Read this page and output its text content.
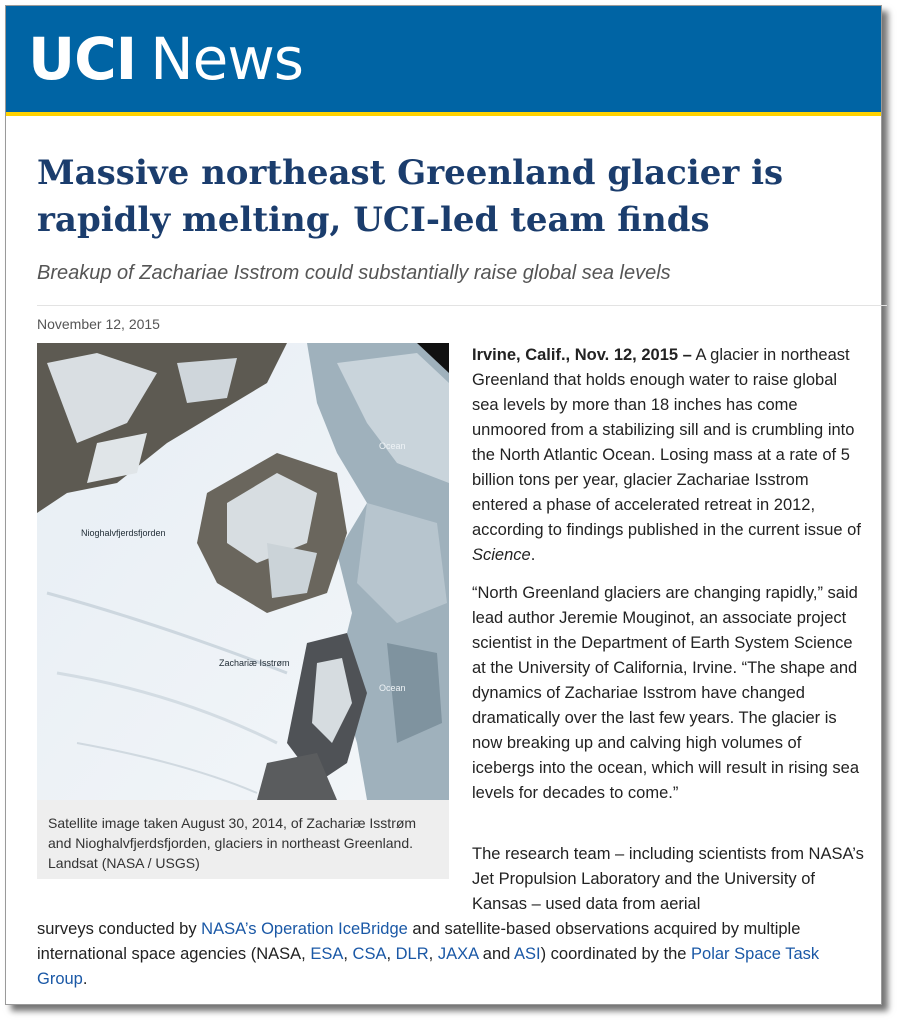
UCI News
Massive northeast Greenland glacier is rapidly melting, UCI-led team finds
Breakup of Zachariae Isstrom could substantially raise global sea levels
November 12, 2015
Ocean
Nioghalvfjerdsfjorden
Zachariæ Isstrøm
Ocean
Satellite image taken August 30, 2014, of Zachariæ Isstrøm and Nioghalvfjerdsfjorden, glaciers in northeast Greenland. Landsat (NASA / USGS)

Irvine, Calif., Nov. 12, 2015 – A glacier in northeast Greenland that holds enough water to raise global sea levels by more than 18 inches has come unmoored from a stabilizing sill and is crumbling into the North Atlantic Ocean. Losing mass at a rate of 5 billion tons per year, glacier Zachariae Isstrom entered a phase of accelerated retreat in 2012, according to findings published in the current issue of Science.

“North Greenland glaciers are changing rapidly,” said lead author Jeremie Mouginot, an associate project scientist in the Department of Earth System Science at the University of California, Irvine. “The shape and dynamics of Zachariae Isstrom have changed dramatically over the last few years. The glacier is now breaking up and calving high volumes of icebergs into the ocean, which will result in rising sea levels for decades to come.”

The research team – including scientists from NASA’s Jet Propulsion Laboratory and the University of Kansas – used data from aerial

surveys conducted by NASA’s Operation IceBridge and satellite-based observations acquired by multiple international space agencies (NASA, ESA, CSA, DLR, JAXA and ASI) coordinated by the Polar Space Task Group.
